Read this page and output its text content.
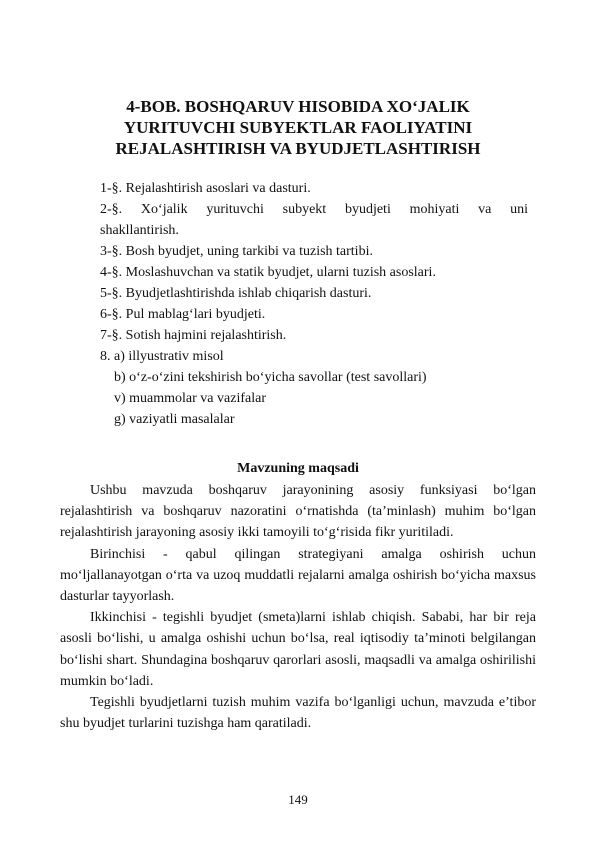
4-BOB. BOSHQARUV HISOBIDA XO‘JALIK
YURITUVCHI SUBYEKTLAR FAOLIYATINI
REJALASHTIRISH VA BYUDJETLASHTIRISH
1-§. Rejalashtirish asoslari va dasturi.
2-§. Xo‘jalik yurituvchi subyekt byudjeti mohiyati va uni
shakllantirish.
3-§. Bosh byudjet, uning tarkibi va tuzish tartibi.
4-§. Moslashuvchan va statik byudjet, ularni tuzish asoslari.
5-§. Byudjetlashtirishda ishlab chiqarish dasturi.
6-§. Pul mablag‘lari byudjeti.
7-§. Sotish hajmini rejalashtirish.
8. a) illyustrativ misol
b) o‘z-o‘zini tekshirish bo‘yicha savollar (test savollari)
v) muammolar va vazifalar
g) vaziyatli masalalar
Mavzuning maqsadi

Ushbu mavzuda boshqaruv jarayonining asosiy funksiyasi bo‘lgan rejalashtirish va boshqaruv nazoratini o‘rnatishda (ta’minlash) muhim bo‘lgan rejalashtirish jarayoning asosiy ikki tamoyili to‘g‘risida fikr yuritiladi.

Birinchisi - qabul qilingan strategiyani amalga oshirish uchun mo‘ljallanayotgan o‘rta va uzoq muddatli rejalarni amalga oshirish bo‘yicha maxsus dasturlar tayyorlash.

Ikkinchisi - tegishli byudjet (smeta)larni ishlab chiqish. Sababi, har bir reja asosli bo‘lishi, u amalga oshishi uchun bo‘lsa, real iqtisodiy ta’minoti belgilangan bo‘lishi shart. Shundagina boshqaruv qarorlari asosli, maqsadli va amalga oshirilishi mumkin bo‘ladi.

Tegishli byudjetlarni tuzish muhim vazifa bo‘lganligi uchun, mavzuda e’tibor shu byudjet turlarini tuzishga ham qaratiladi.

149
